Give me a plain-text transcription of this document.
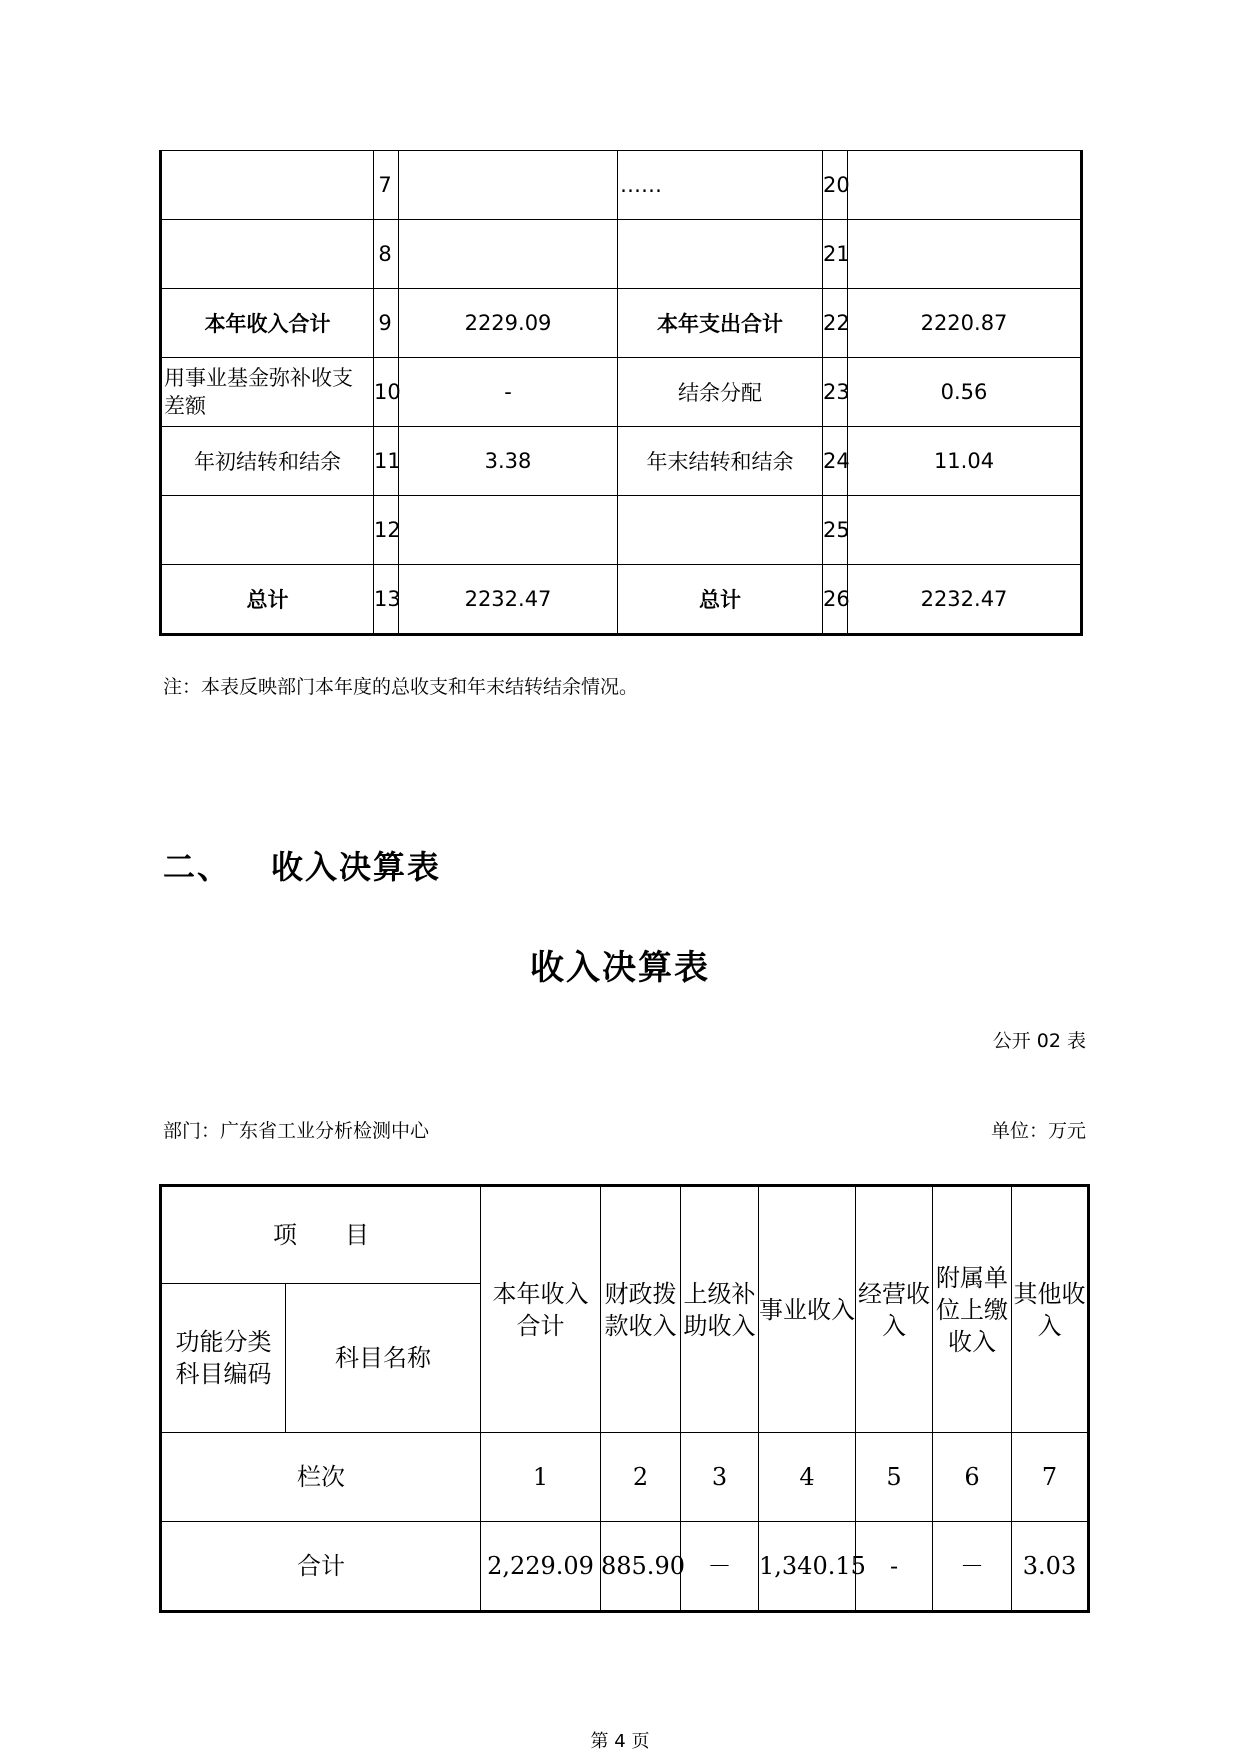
	7		……	20	
	8			21	
本年收入合计	9	2229.09	本年支出合计	22	2220.87
用事业基金弥补收支差额	10	-	结余分配	23	0.56
年初结转和结余	11	3.38	年末结转和结余	24	11.04
	12			25	
总计	13	2232.47	总计	26	2232.47
注：本表反映部门本年度的总收支和年末结转结余情况。
二、 收入决算表
收入决算表
公开 02 表
部门：广东省工业分析检测中心	单位：万元
项　　目		本年收入合计	财政拨款收入	上级补助收入	事业收入	经营收入	附属单位上缴收入	其他收入
功能分类科目编码	科目名称							
栏次		1	2	3	4	5	6	7
合计		2,229.09	885.90	－	1,340.15	-	－	3.03
第 4 页
